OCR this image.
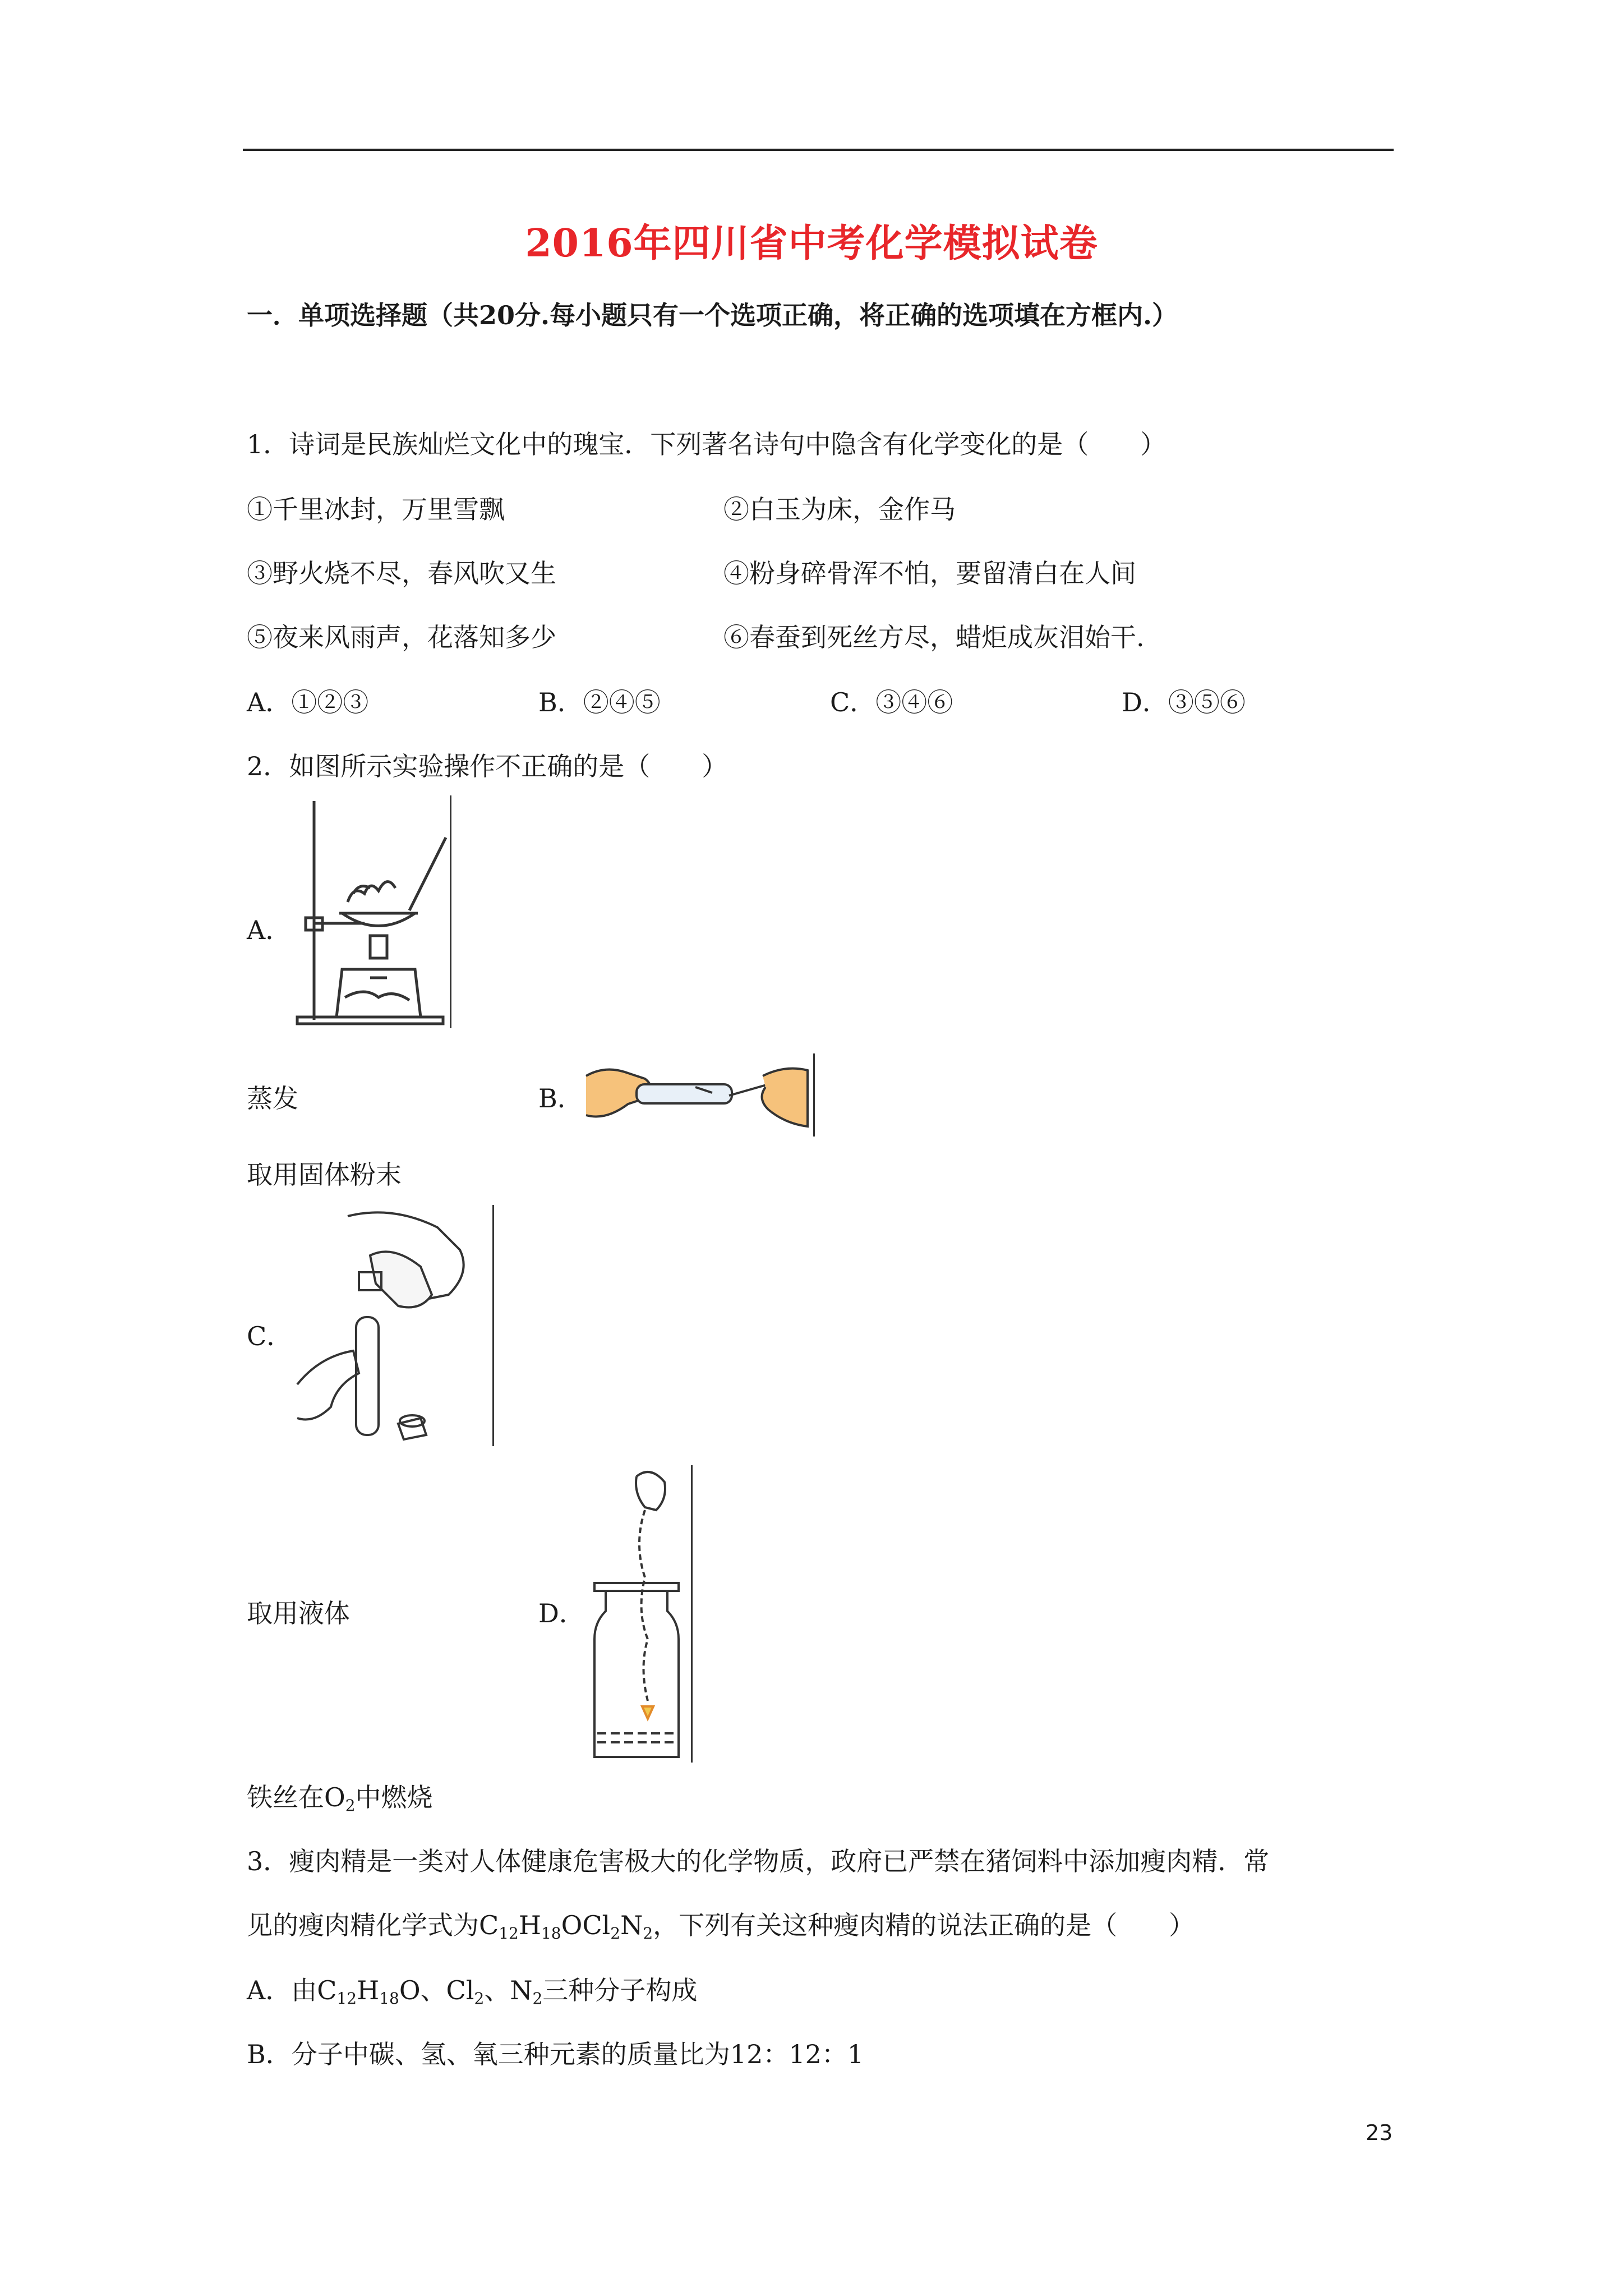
2016年四川省中考化学模拟试卷
一．单项选择题（共20分.每小题只有一个选项正确，将正确的选项填在方框内.）
1．诗词是民族灿烂文化中的瑰宝．下列著名诗句中隐含有化学变化的是（　　）
①千里冰封，万里雪飘	②白玉为床，金作马
③野火烧不尽，春风吹又生	④粉身碎骨浑不怕，要留清白在人间
⑤夜来风雨声，花落知多少	⑥春蚕到死丝方尽，蜡炬成灰泪始干.
A．①②③	B．②④⑤	C．③④⑥	D．③⑤⑥
2．如图所示实验操作不正确的是（　　）
A．
蒸发	B．
取用固体粉末
C．
取用液体	D．
铁丝在$O_2$中燃烧
3．瘦肉精是一类对人体健康危害极大的化学物质，政府已严禁在猪饲料中添加瘦肉精．常
见的瘦肉精化学式为$C_{12}H_{18}OCl_2N_2$，下列有关这种瘦肉精的说法正确的是（　　）
A．由$C_{12}H_{18}O$、$Cl_2$、$N_2$三种分子构成
B．分子中碳、氢、氧三种元素的质量比为12：12：1
23
